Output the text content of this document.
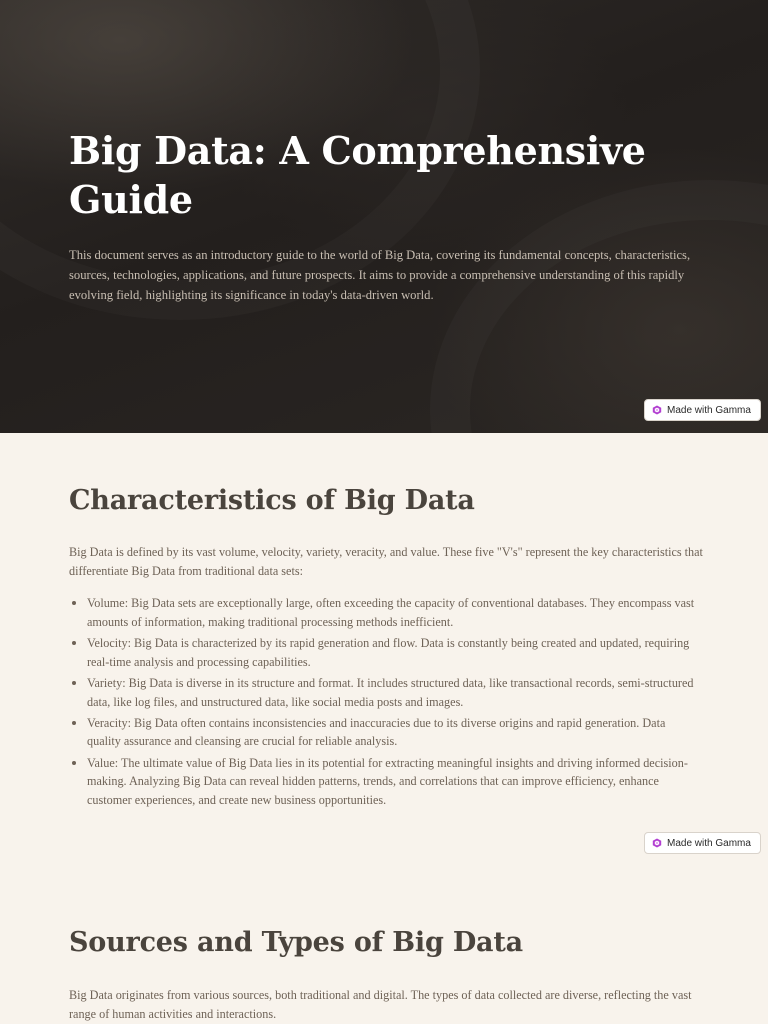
Big Data: A Comprehensive Guide

This document serves as an introductory guide to the world of Big Data, covering its fundamental concepts, characteristics, sources, technologies, applications, and future prospects. It aims to provide a comprehensive understanding of this rapidly evolving field, highlighting its significance in today's data-driven world.

Made with Gamma
Characteristics of Big Data

Big Data is defined by its vast volume, velocity, variety, veracity, and value. These five "V's" represent the key characteristics that differentiate Big Data from traditional data sets:

Volume: Big Data sets are exceptionally large, often exceeding the capacity of conventional databases. They encompass vast amounts of information, making traditional processing methods inefficient.
Velocity: Big Data is characterized by its rapid generation and flow. Data is constantly being created and updated, requiring real-time analysis and processing capabilities.
Variety: Big Data is diverse in its structure and format. It includes structured data, like transactional records, semi-structured data, like log files, and unstructured data, like social media posts and images.
Veracity: Big Data often contains inconsistencies and inaccuracies due to its diverse origins and rapid generation. Data quality assurance and cleansing are crucial for reliable analysis.
Value: The ultimate value of Big Data lies in its potential for extracting meaningful insights and driving informed decision-making. Analyzing Big Data can reveal hidden patterns, trends, and correlations that can improve efficiency, enhance customer experiences, and create new business opportunities.
Made with Gamma
Sources and Types of Big Data

Big Data originates from various sources, both traditional and digital. The types of data collected are diverse, reflecting the vast range of human activities and interactions.
